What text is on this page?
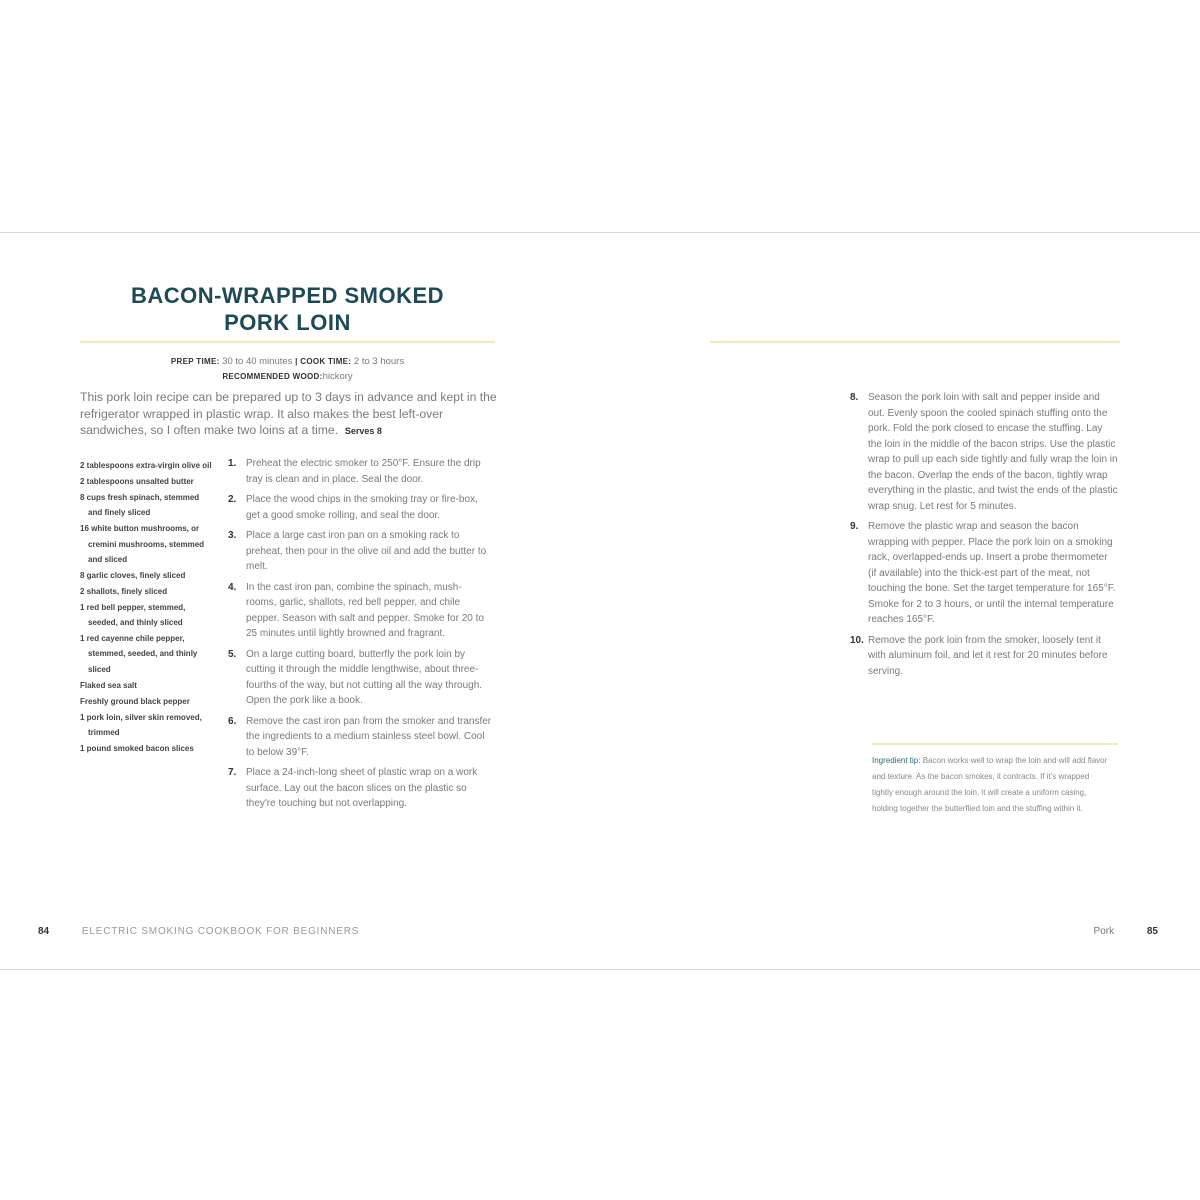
BACON-WRAPPED SMOKED
PORK LOIN
PREP TIME: 30 to 40 minutes | COOK TIME: 2 to 3 hours
RECOMMENDED WOOD:hickory
This pork loin recipe can be prepared up to 3 days in advance and kept in the refrigerator wrapped in plastic wrap. It also makes the best left-over sandwiches, so I often make two loins at a time. Serves 8
2 tablespoons extra-virgin olive oil
2 tablespoons unsalted butter
8 cups fresh spinach, stemmed and finely sliced
16 white button mushrooms, or cremini mushrooms, stemmed and sliced
8 garlic cloves, finely sliced
2 shallots, finely sliced
1 red bell pepper, stemmed, seeded, and thinly sliced
1 red cayenne chile pepper, stemmed, seeded, and thinly sliced
Flaked sea salt
Freshly ground black pepper
1 pork loin, silver skin removed, trimmed
1 pound smoked bacon slices
1. Preheat the electric smoker to 250°F. Ensure the drip tray is clean and in place. Seal the door.
2. Place the wood chips in the smoking tray or fire-box, get a good smoke rolling, and seal the door.
3. Place a large cast iron pan on a smoking rack to preheat, then pour in the olive oil and add the butter to melt.
4. In the cast iron pan, combine the spinach, mush-rooms, garlic, shallots, red bell pepper, and chile pepper. Season with salt and pepper. Smoke for 20 to 25 minutes until lightly browned and fragrant.
5. On a large cutting board, butterfly the pork loin by cutting it through the middle lengthwise, about three-fourths of the way, but not cutting all the way through. Open the pork like a book.
6. Remove the cast iron pan from the smoker and transfer the ingredients to a medium stainless steel bowl. Cool to below 39°F.
7. Place a 24-inch-long sheet of plastic wrap on a work surface. Lay out the bacon slices on the plastic so they're touching but not overlapping.
8. Season the pork loin with salt and pepper inside and out. Evenly spoon the cooled spinach stuffing onto the pork. Fold the pork closed to encase the stuffing. Lay the loin in the middle of the bacon strips. Use the plastic wrap to pull up each side tightly and fully wrap the loin in the bacon. Overlap the ends of the bacon, tightly wrap everything in the plastic, and twist the ends of the plastic wrap snug. Let rest for 5 minutes.
9. Remove the plastic wrap and season the bacon wrapping with pepper. Place the pork loin on a smoking rack, overlapped-ends up. Insert a probe thermometer (if available) into the thick-est part of the meat, not touching the bone. Set the target temperature for 165°F. Smoke for 2 to 3 hours, or until the internal temperature reaches 165°F.
10. Remove the pork loin from the smoker, loosely tent it with aluminum foil, and let it rest for 20 minutes before serving.
Ingredient tip: Bacon works well to wrap the loin and will add flavor and texture. As the bacon smokes, it contracts. If it's wrapped tightly enough around the loin, it will create a uniform casing, holding together the butterflied loin and the stuffing within it.
84	ELECTRIC SMOKING COOKBOOK FOR BEGINNERS	Pork	85
